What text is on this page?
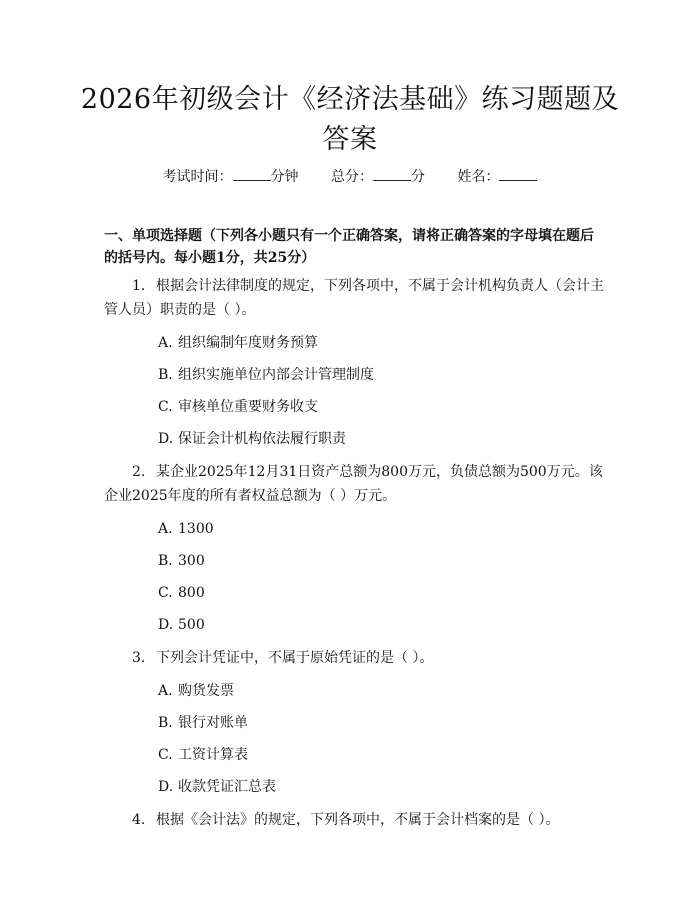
2026年初级会计《经济法基础》练习题题及答案
考试时间：	分钟 总分：	分 姓名：
一、单项选择题（下列各小题只有一个正确答案，请将正确答案的字母填在题后的括号内。每小题1分，共25分）
1. 根据会计法律制度的规定，下列各项中，不属于会计机构负责人（会计主管人员）职责的是（ ）。
A. 组织编制年度财务预算
B. 组织实施单位内部会计管理制度
C. 审核单位重要财务收支
D. 保证会计机构依法履行职责
2. 某企业2025年12月31日资产总额为800万元，负债总额为500万元。该企业2025年度的所有者权益总额为（ ）万元。
A. 1300
B. 300
C. 800
D. 500
3. 下列会计凭证中，不属于原始凭证的是（ ）。
A. 购货发票
B. 银行对账单
C. 工资计算表
D. 收款凭证汇总表
4. 根据《会计法》的规定，下列各项中，不属于会计档案的是（ ）。
